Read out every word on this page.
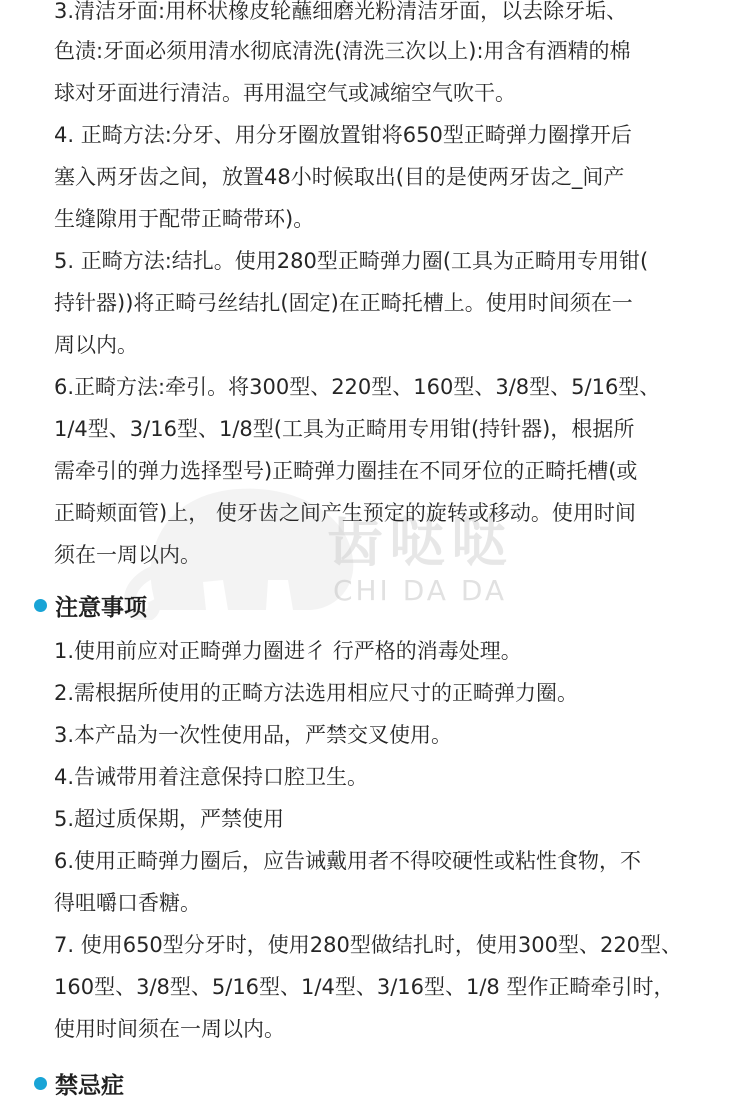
齿哒哒
CHI DA DA
3.清洁牙面:用杯状橡皮轮蘸细磨光粉清洁牙面，以去除牙垢、
色渍:牙面必须用清水彻底清洗(清洗三次以上):用含有酒精的棉
球对牙面进行清洁。再用温空气或减缩空气吹干。
4. 正畸方法:分牙、用分牙圈放置钳将650型正畸弹力圈撑开后
塞入两牙齿之间，放置48小时候取出(目的是使两牙齿之_间产
生缝隙用于配带正畸带环)。
5. 正畸方法:结扎。使用280型正畸弹力圈(工具为正畸用专用钳(
持针器))将正畸弓丝结扎(固定)在正畸托槽上。使用时间须在一
周以内。
6.正畸方法:牵引。将300型、220型、160型、3/8型、5/16型、
1/4型、3/16型、1/8型(工具为正畸用专用钳(持针器)，根据所
需牵引的弹力选择型号)正畸弹力圈挂在不同牙位的正畸托槽(或
正畸颊面管)上， 使牙齿之间产生预定的旋转或移动。使用时间
须在一周以内。
注意事项
1.使用前应对正畸弹力圈进彳 行严格的消毒处理。
2.需根据所使用的正畸方法选用相应尺寸的正畸弹力圈。
3.本产品为一次性使用品，严禁交叉使用。
4.告诫带用着注意保持口腔卫生。
5.超过质保期，严禁使用
6.使用正畸弹力圈后，应告诫戴用者不得咬硬性或粘性食物，不
得咀嚼口香糖。
7. 使用650型分牙时，使用280型做结扎时，使用300型、220型、
160型、3/8型、5/16型、1/4型、3/16型、1/8 型作正畸牵引时，
使用时间须在一周以内。
禁忌症
